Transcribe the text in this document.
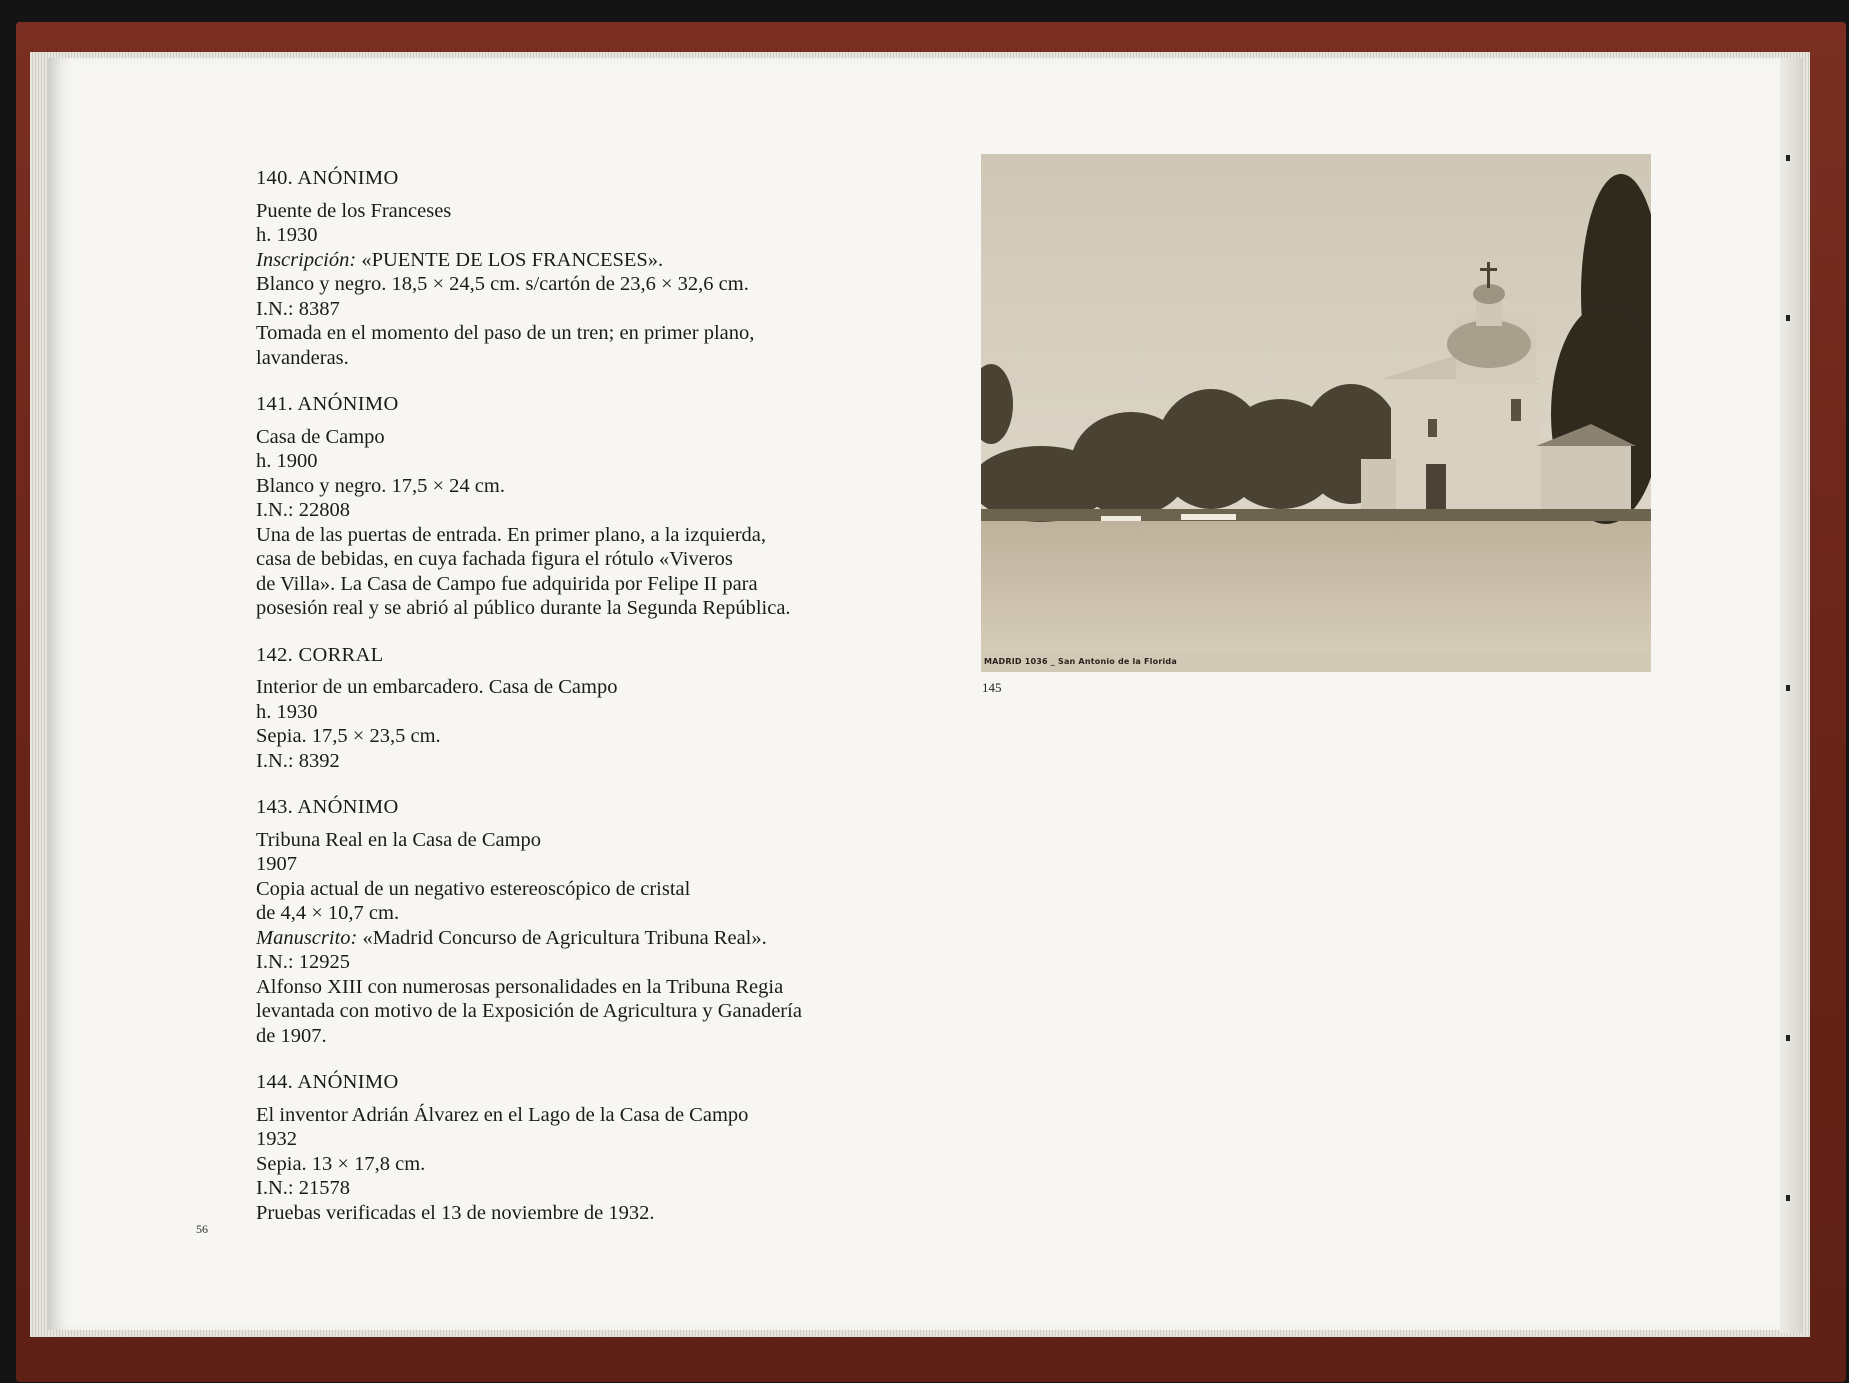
140. ANÓNIMO

Puente de los Franceses

h. 1930

Inscripción: «PUENTE DE LOS FRANCESES».

Blanco y negro. 18,5 × 24,5 cm. s/cartón de 23,6 × 32,6 cm.

I.N.: 8387

Tomada en el momento del paso de un tren; en primer plano,

lavanderas.

141. ANÓNIMO

Casa de Campo

h. 1900

Blanco y negro. 17,5 × 24 cm.

I.N.: 22808

Una de las puertas de entrada. En primer plano, a la izquierda,

casa de bebidas, en cuya fachada figura el rótulo «Viveros

de Villa». La Casa de Campo fue adquirida por Felipe II para

posesión real y se abrió al público durante la Segunda República.

142. CORRAL

Interior de un embarcadero. Casa de Campo

h. 1930

Sepia. 17,5 × 23,5 cm.

I.N.: 8392

143. ANÓNIMO

Tribuna Real en la Casa de Campo

1907

Copia actual de un negativo estereoscópico de cristal

de 4,4 × 10,7 cm.

Manuscrito: «Madrid Concurso de Agricultura Tribuna Real».

I.N.: 12925

Alfonso XIII con numerosas personalidades en la Tribuna Regia

levantada con motivo de la Exposición de Agricultura y Ganadería

de 1907.

144. ANÓNIMO

El inventor Adrián Álvarez en el Lago de la Casa de Campo

1932

Sepia. 13 × 17,8 cm.

I.N.: 21578

Pruebas verificadas el 13 de noviembre de 1932.

56
MADRID 1036 _ San Antonio de la Florida
145
